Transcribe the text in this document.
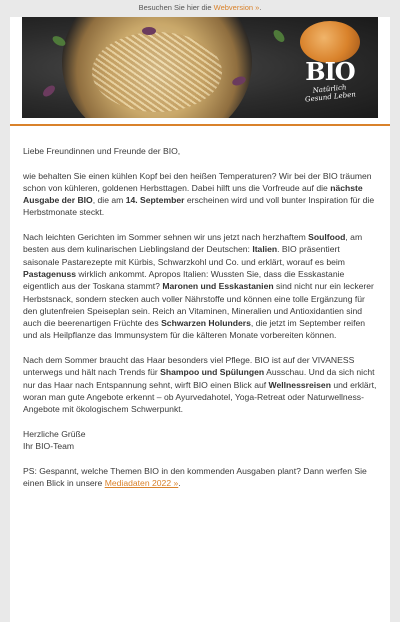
Besuchen Sie hier die Webversion ».
BIO
Natürlich Gesund Leben

Liebe Freundinnen und Freunde der BIO,

wie behalten Sie einen kühlen Kopf bei den heißen Temperaturen? Wir bei der BIO träumen schon von kühleren, goldenen Herbsttagen. Dabei hilft uns die Vorfreude auf die nächste Ausgabe der BIO, die am 14. September erscheinen wird und voll bunter Inspiration für die Herbstmonate steckt.

Nach leichten Gerichten im Sommer sehnen wir uns jetzt nach herzhaftem Soulfood, am besten aus dem kulinarischen Lieblingsland der Deutschen: Italien. BIO präsentiert saisonale Pastarezepte mit Kürbis, Schwarzkohl und Co. und erklärt, worauf es beim Pastagenuss wirklich ankommt. Apropos Italien: Wussten Sie, dass die Esskastanie eigentlich aus der Toskana stammt? Maronen und Esskastanien sind nicht nur ein leckerer Herbstsnack, sondern stecken auch voller Nährstoffe und können eine tolle Ergänzung für den glutenfreien Speiseplan sein. Reich an Vitaminen, Mineralien und Antioxidantien sind auch die beerenartigen Früchte des Schwarzen Holunders, die jetzt im September reifen und als Heilpflanze das Immunsystem für die kälteren Monate vorbereiten können.

Nach dem Sommer braucht das Haar besonders viel Pflege. BIO ist auf der VIVANESS unterwegs und hält nach Trends für Shampoo und Spülungen Ausschau. Und da sich nicht nur das Haar nach Entspannung sehnt, wirft BIO einen Blick auf Wellnessreisen und erklärt, woran man gute Angebote erkennt – ob Ayurvedahotel, Yoga-Retreat oder Naturwellness-Angebote mit ökologischem Schwerpunkt.

Herzliche Grüße

Ihr BIO-Team

PS: Gespannt, welche Themen BIO in den kommenden Ausgaben plant? Dann werfen Sie einen Blick in unsere Mediadaten 2022 ».
